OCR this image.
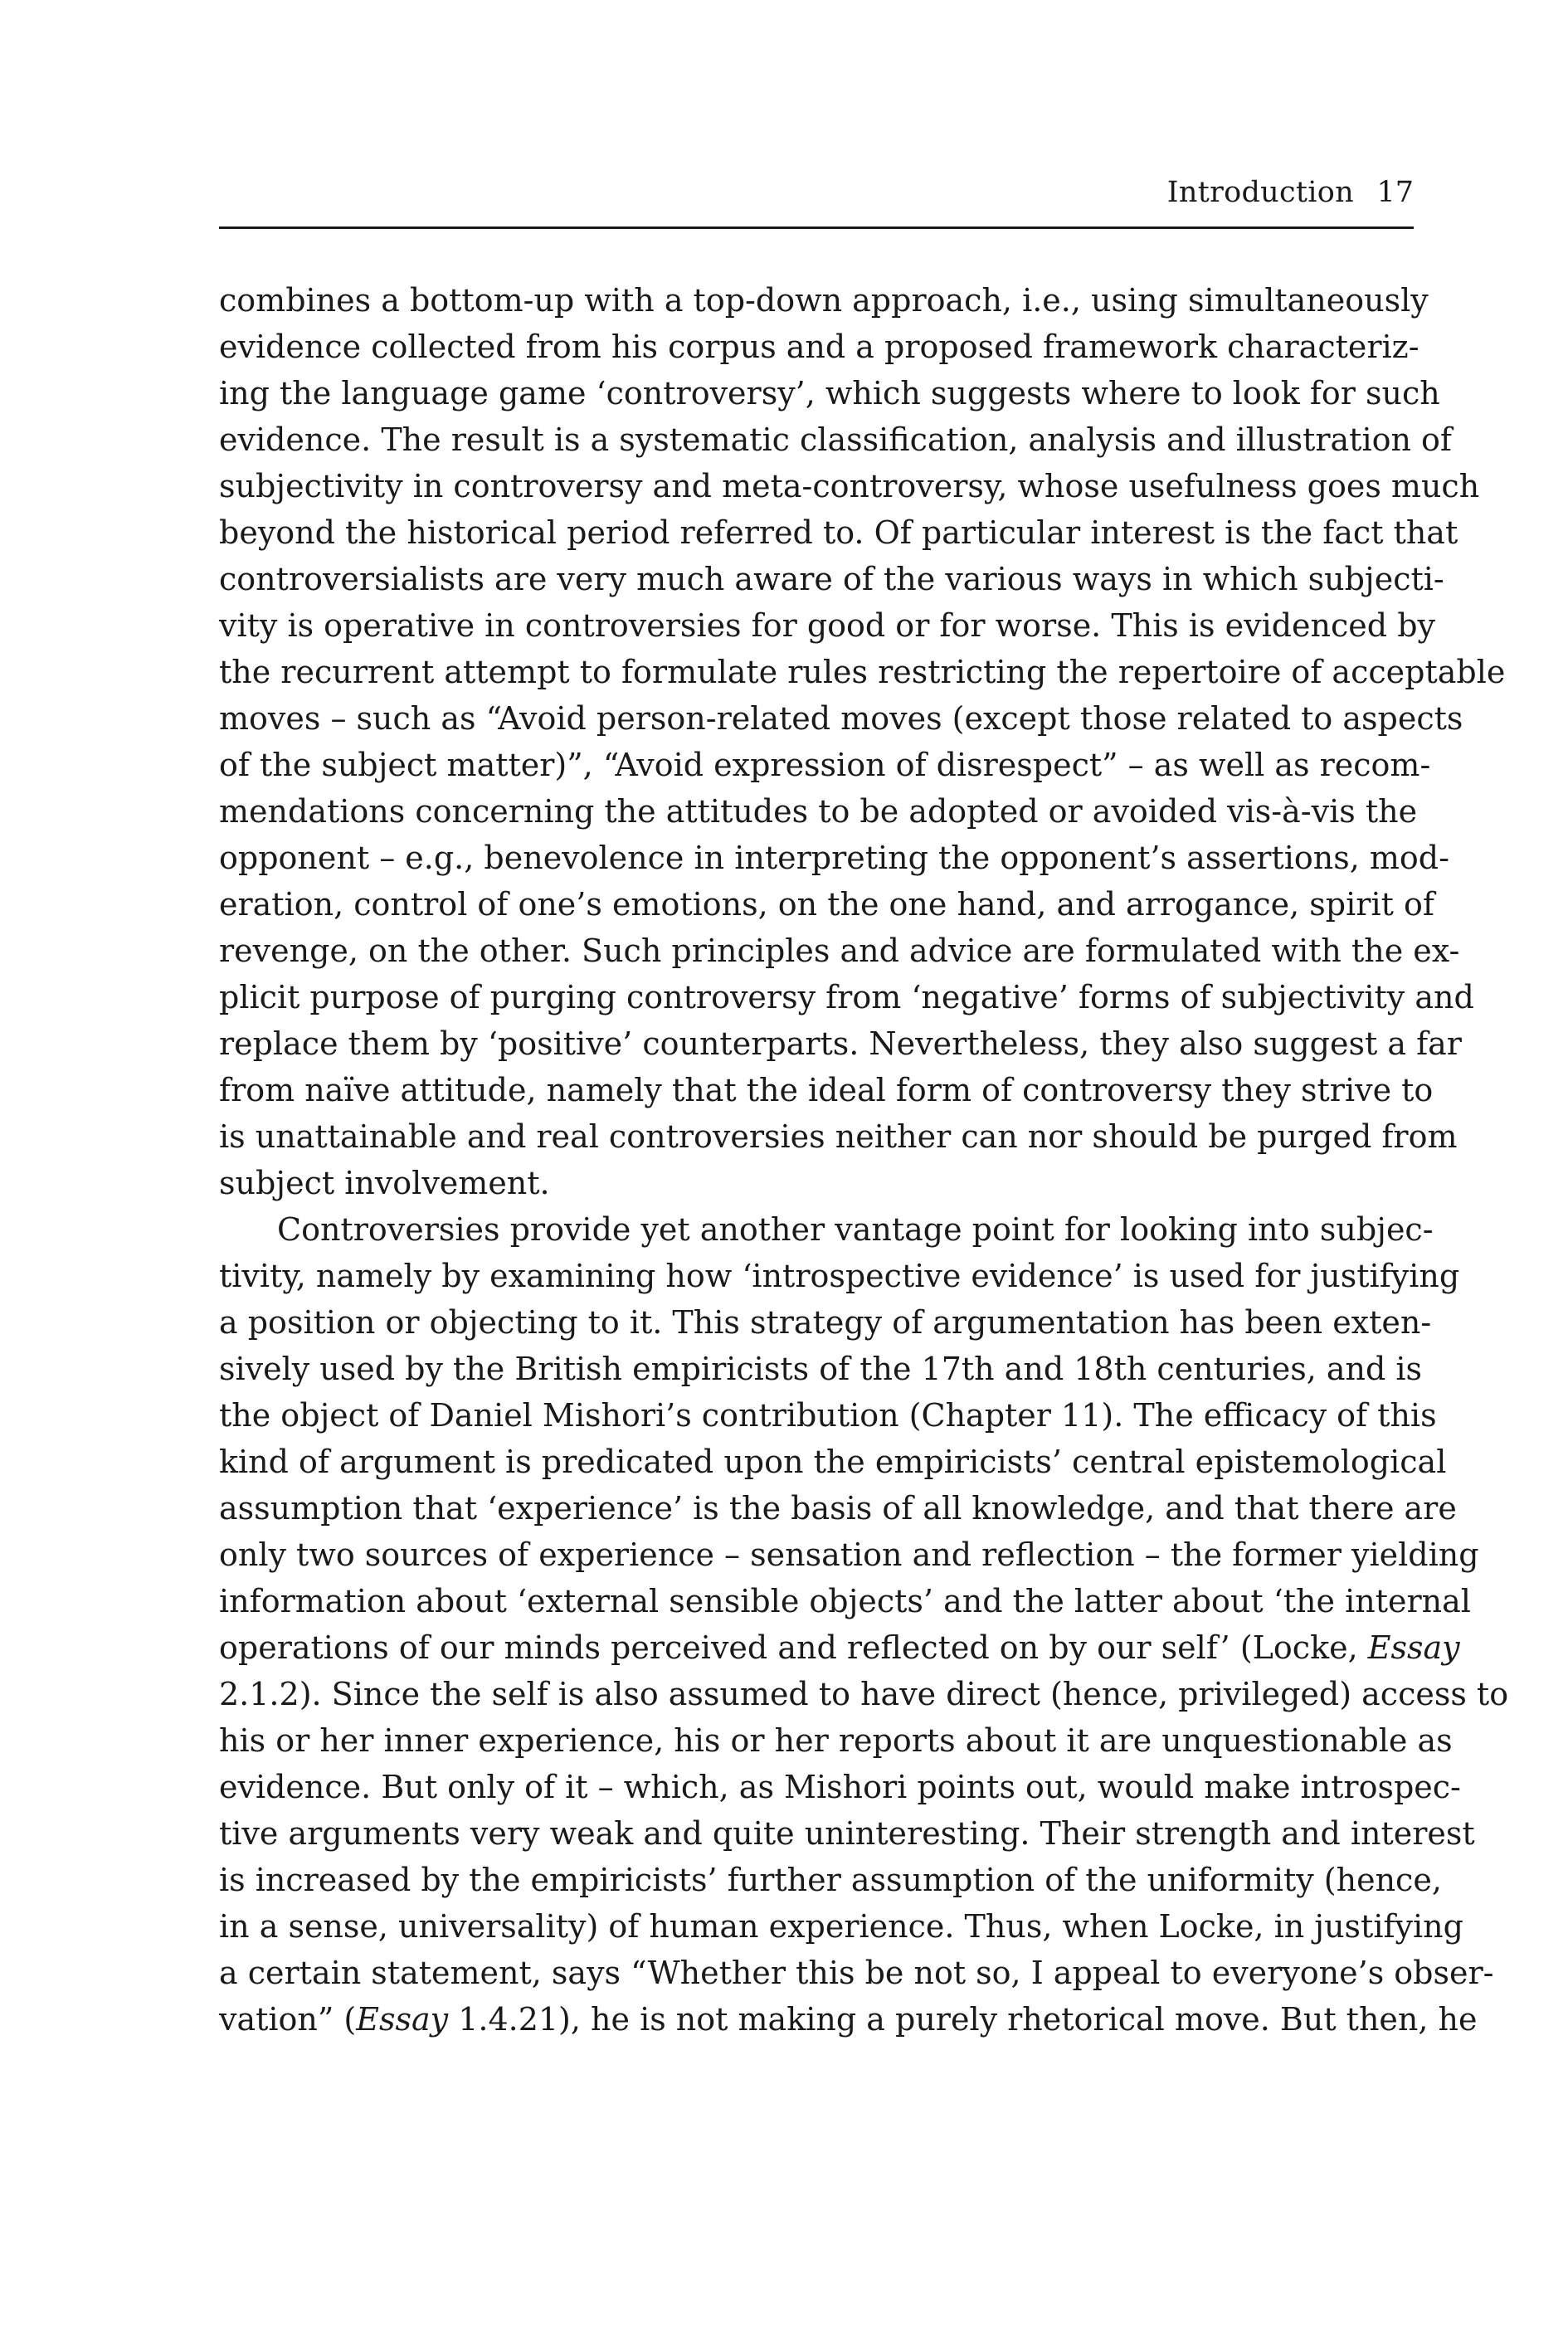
Introduction 17
combines a bottom-up with a top-down approach, i.e., using simultaneously
evidence collected from his corpus and a proposed framework characteriz-
ing the language game ‘controversy’, which suggests where to look for such
evidence. The result is a systematic classification, analysis and illustration of
subjectivity in controversy and meta-controversy, whose usefulness goes much
beyond the historical period referred to. Of particular interest is the fact that
controversialists are very much aware of the various ways in which subjecti-
vity is operative in controversies for good or for worse. This is evidenced by
the recurrent attempt to formulate rules restricting the repertoire of acceptable
moves – such as “Avoid person-related moves (except those related to aspects
of the subject matter)”, “Avoid expression of disrespect” – as well as recom-
mendations concerning the attitudes to be adopted or avoided vis-à-vis the
opponent – e.g., benevolence in interpreting the opponent’s assertions, mod-
eration, control of one’s emotions, on the one hand, and arrogance, spirit of
revenge, on the other. Such principles and advice are formulated with the ex-
plicit purpose of purging controversy from ‘negative’ forms of subjectivity and
replace them by ‘positive’ counterparts. Nevertheless, they also suggest a far
from naïve attitude, namely that the ideal form of controversy they strive to
is unattainable and real controversies neither can nor should be purged from
subject involvement.
Controversies provide yet another vantage point for looking into subjec-
tivity, namely by examining how ‘introspective evidence’ is used for justifying
a position or objecting to it. This strategy of argumentation has been exten-
sively used by the British empiricists of the 17th and 18th centuries, and is
the object of Daniel Mishori’s contribution (Chapter 11). The efficacy of this
kind of argument is predicated upon the empiricists’ central epistemological
assumption that ‘experience’ is the basis of all knowledge, and that there are
only two sources of experience – sensation and reflection – the former yielding
information about ‘external sensible objects’ and the latter about ‘the internal
operations of our minds perceived and reflected on by our self’ (Locke, Essay
2.1.2). Since the self is also assumed to have direct (hence, privileged) access to
his or her inner experience, his or her reports about it are unquestionable as
evidence. But only of it – which, as Mishori points out, would make introspec-
tive arguments very weak and quite uninteresting. Their strength and interest
is increased by the empiricists’ further assumption of the uniformity (hence,
in a sense, universality) of human experience. Thus, when Locke, in justifying
a certain statement, says “Whether this be not so, I appeal to everyone’s obser-
vation” (Essay 1.4.21), he is not making a purely rhetorical move. But then, he
